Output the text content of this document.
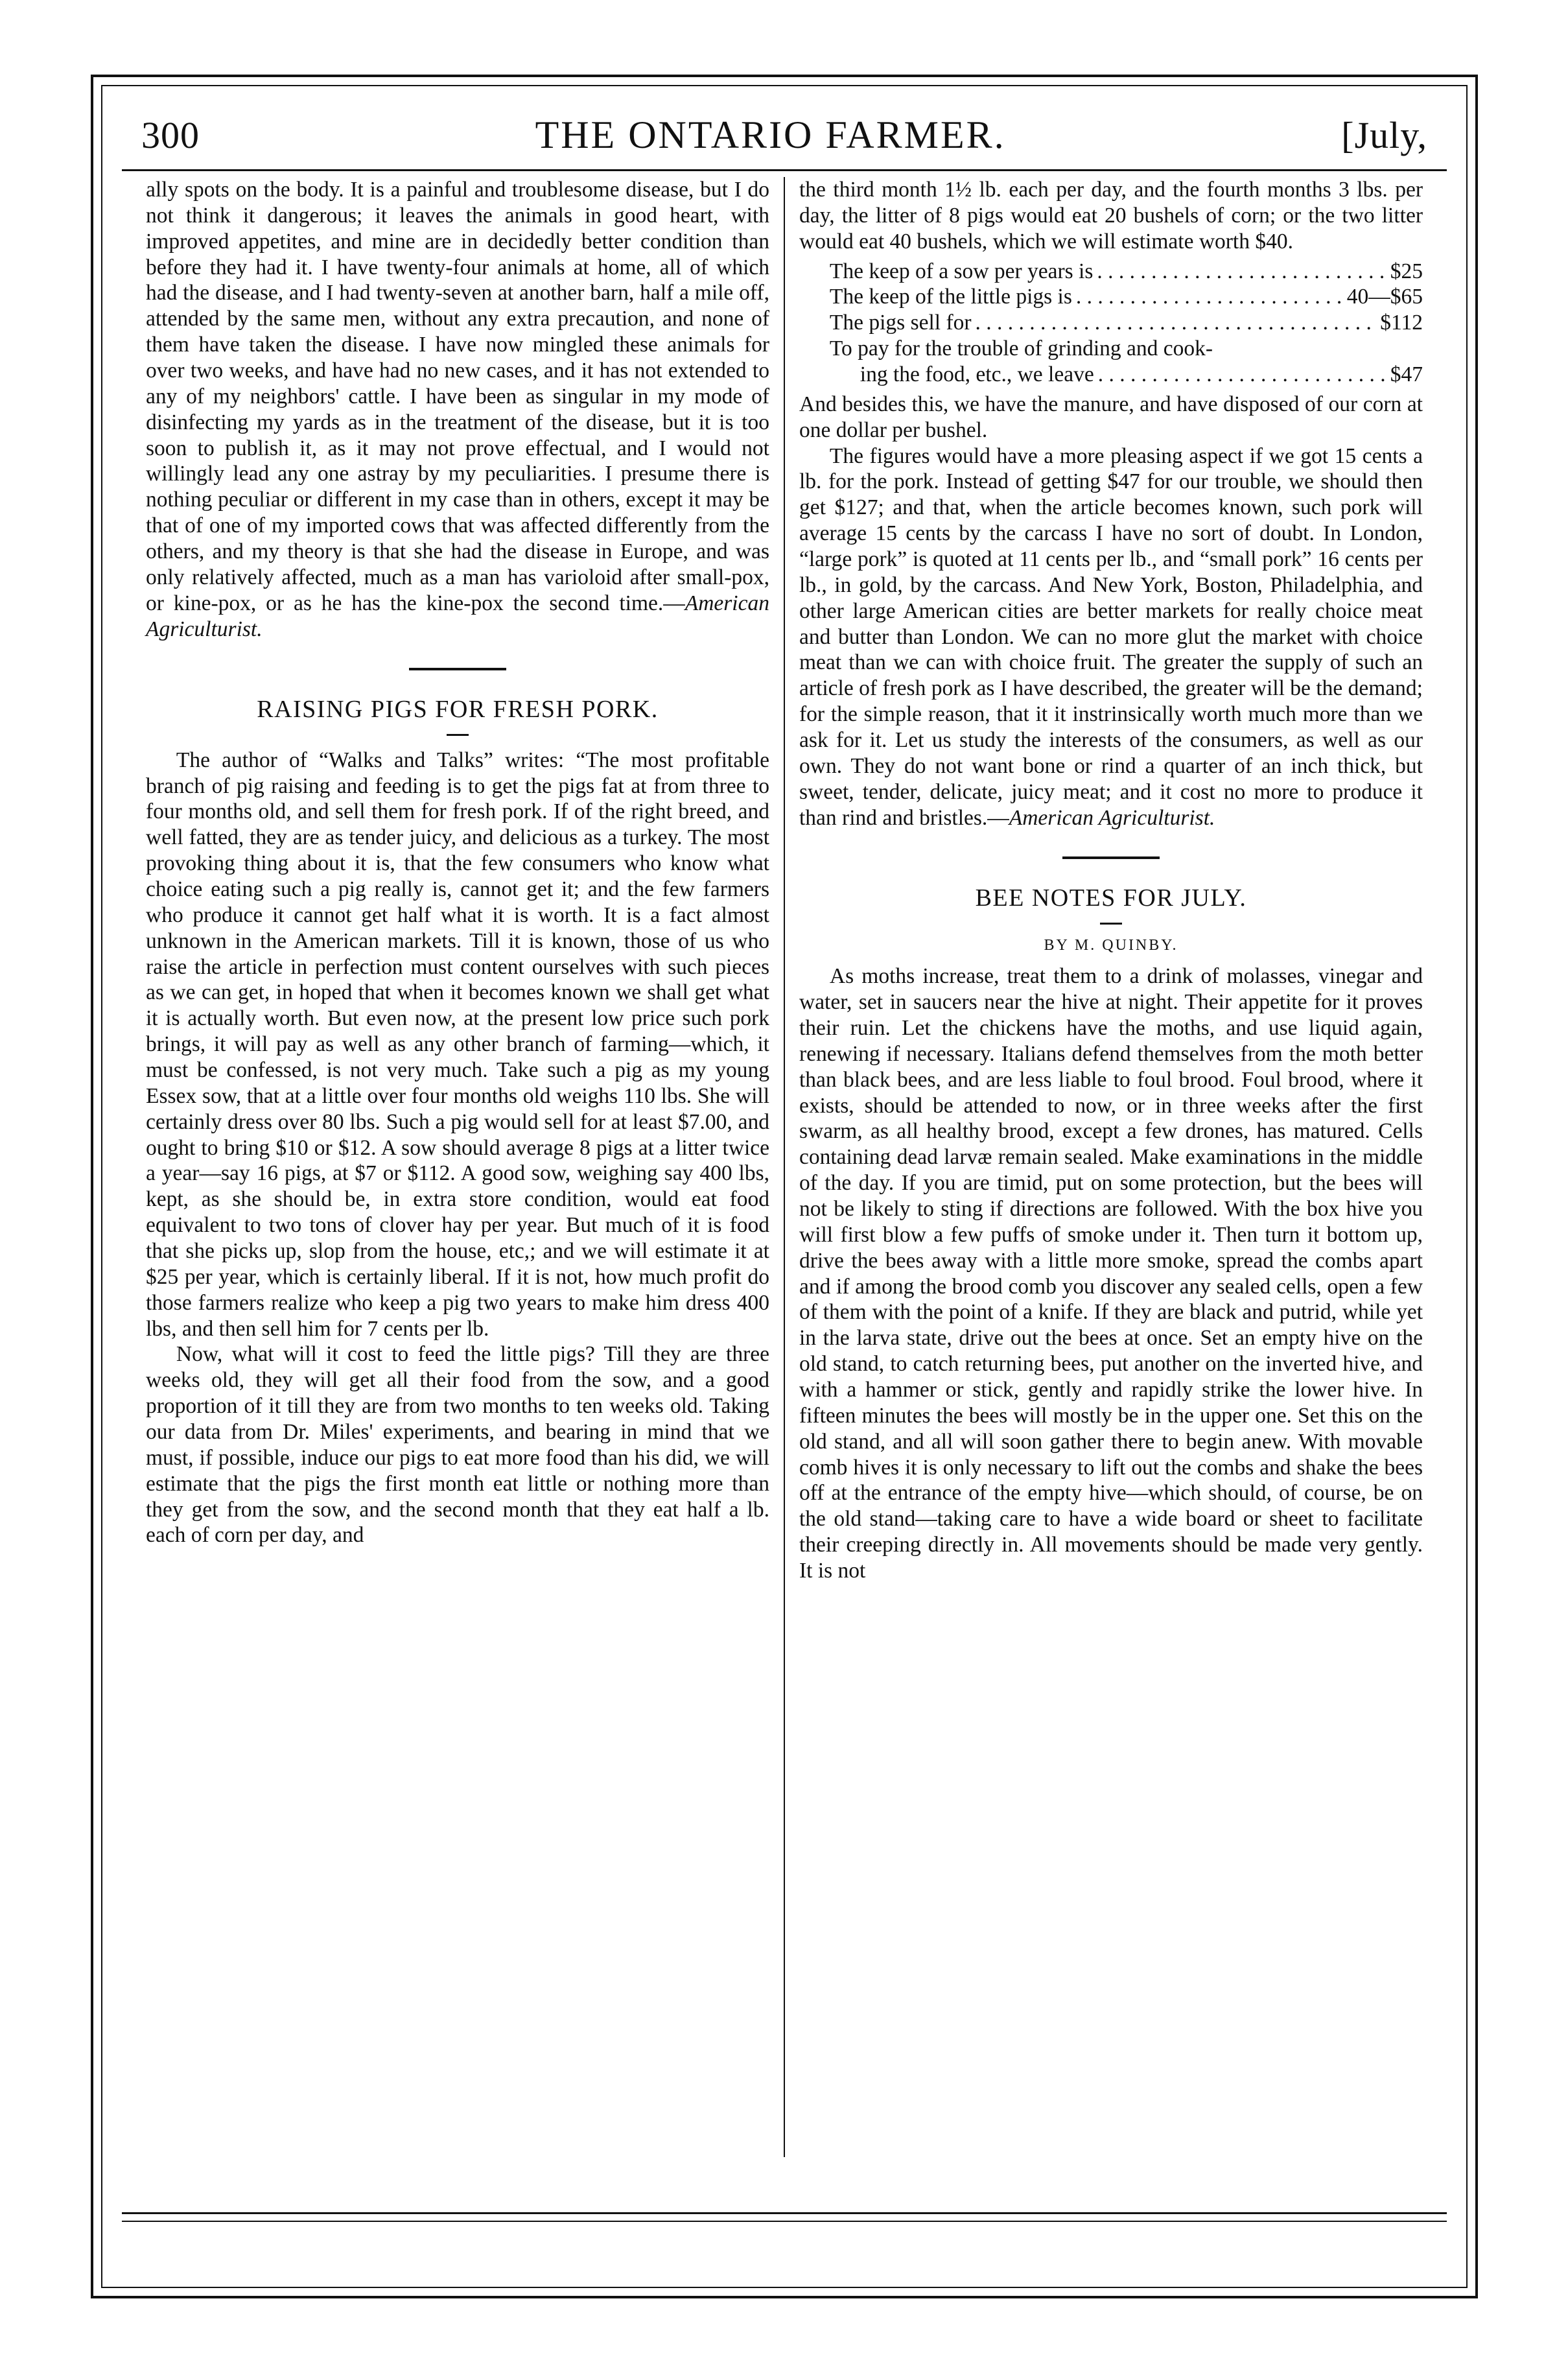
300	THE ONTARIO FARMER.	[July,

ally spots on the body. It is a painful and troublesome disease, but I do not think it dangerous; it leaves the animals in good heart, with improved appetites, and mine are in decidedly better condition than before they had it. I have twenty-four animals at home, all of which had the disease, and I had twenty-seven at another barn, half a mile off, attended by the same men, without any extra precaution, and none of them have taken the disease. I have now mingled these animals for over two weeks, and have had no new cases, and it has not extended to any of my neighbors' cattle. I have been as singular in my mode of disinfecting my yards as in the treatment of the disease, but it is too soon to publish it, as it may not prove effectual, and I would not willingly lead any one astray by my peculiarities. I presume there is nothing peculiar or different in my case than in others, except it may be that of one of my imported cows that was affected differently from the others, and my theory is that she had the disease in Europe, and was only relatively affected, much as a man has varioloid after small-pox, or kine-pox, or as he has the kine-pox the second time.—American Agriculturist.

RAISING PIGS FOR FRESH PORK.

The author of “Walks and Talks” writes: “The most profitable branch of pig raising and feeding is to get the pigs fat at from three to four months old, and sell them for fresh pork. If of the right breed, and well fatted, they are as tender juicy, and delicious as a turkey. The most provoking thing about it is, that the few consumers who know what choice eating such a pig really is, cannot get it; and the few farmers who produce it cannot get half what it is worth. It is a fact almost unknown in the American markets. Till it is known, those of us who raise the article in perfection must content ourselves with such pieces as we can get, in hoped that when it becomes known we shall get what it is actually worth. But even now, at the present low price such pork brings, it will pay as well as any other branch of farming—which, it must be confessed, is not very much. Take such a pig as my young Essex sow, that at a little over four months old weighs 110 lbs. She will certainly dress over 80 lbs. Such a pig would sell for at least $7.00, and ought to bring $10 or $12. A sow should average 8 pigs at a litter twice a year—say 16 pigs, at $7 or $112. A good sow, weighing say 400 lbs, kept, as she should be, in extra store condition, would eat food equivalent to two tons of clover hay per year. But much of it is food that she picks up, slop from the house, etc,; and we will estimate it at $25 per year, which is certainly liberal. If it is not, how much profit do those farmers realize who keep a pig two years to make him dress 400 lbs, and then sell him for 7 cents per lb.

Now, what will it cost to feed the little pigs? Till they are three weeks old, they will get all their food from the sow, and a good proportion of it till they are from two months to ten weeks old. Taking our data from Dr. Miles' experiments, and bearing in mind that we must, if possible, induce our pigs to eat more food than his did, we will estimate that the pigs the first month eat little or nothing more than they get from the sow, and the second month that they eat half a lb. each of corn per day, and

the third month 1½ lb. each per day, and the fourth months 3 lbs. per day, the litter of 8 pigs would eat 20 bushels of corn; or the two litter would eat 40 bushels, which we will estimate worth $40.

The keep of a sow per years is . . .	$25
The keep of the little pigs is . . .	40—$65
The pigs sell for . . .	$112
To pay for the trouble of grinding and cook-
ing the food, etc., we leave . . .	$47

And besides this, we have the manure, and have disposed of our corn at one dollar per bushel.

The figures would have a more pleasing aspect if we got 15 cents a lb. for the pork. Instead of getting $47 for our trouble, we should then get $127; and that, when the article becomes known, such pork will average 15 cents by the carcass I have no sort of doubt. In London, “large pork” is quoted at 11 cents per lb., and “small pork” 16 cents per lb., in gold, by the carcass. And New York, Boston, Philadelphia, and other large American cities are better markets for really choice meat and butter than London. We can no more glut the market with choice meat than we can with choice fruit. The greater the supply of such an article of fresh pork as I have described, the greater will be the demand; for the simple reason, that it it instrinsically worth much more than we ask for it. Let us study the interests of the consumers, as well as our own. They do not want bone or rind a quarter of an inch thick, but sweet, tender, delicate, juicy meat; and it cost no more to produce it than rind and bristles.—American Agriculturist.

BEE NOTES FOR JULY.
BY M. QUINBY.

As moths increase, treat them to a drink of molasses, vinegar and water, set in saucers near the hive at night. Their appetite for it proves their ruin. Let the chickens have the moths, and use liquid again, renewing if necessary. Italians defend themselves from the moth better than black bees, and are less liable to foul brood. Foul brood, where it exists, should be attended to now, or in three weeks after the first swarm, as all healthy brood, except a few drones, has matured. Cells containing dead larvæ remain sealed. Make examinations in the middle of the day. If you are timid, put on some protection, but the bees will not be likely to sting if directions are followed. With the box hive you will first blow a few puffs of smoke under it. Then turn it bottom up, drive the bees away with a little more smoke, spread the combs apart and if among the brood comb you discover any sealed cells, open a few of them with the point of a knife. If they are black and putrid, while yet in the larva state, drive out the bees at once. Set an empty hive on the old stand, to catch returning bees, put another on the inverted hive, and with a hammer or stick, gently and rapidly strike the lower hive. In fifteen minutes the bees will mostly be in the upper one. Set this on the old stand, and all will soon gather there to begin anew. With movable comb hives it is only necessary to lift out the combs and shake the bees off at the entrance of the empty hive—which should, of course, be on the old stand—taking care to have a wide board or sheet to facilitate their creeping directly in. All movements should be made very gently. It is not
